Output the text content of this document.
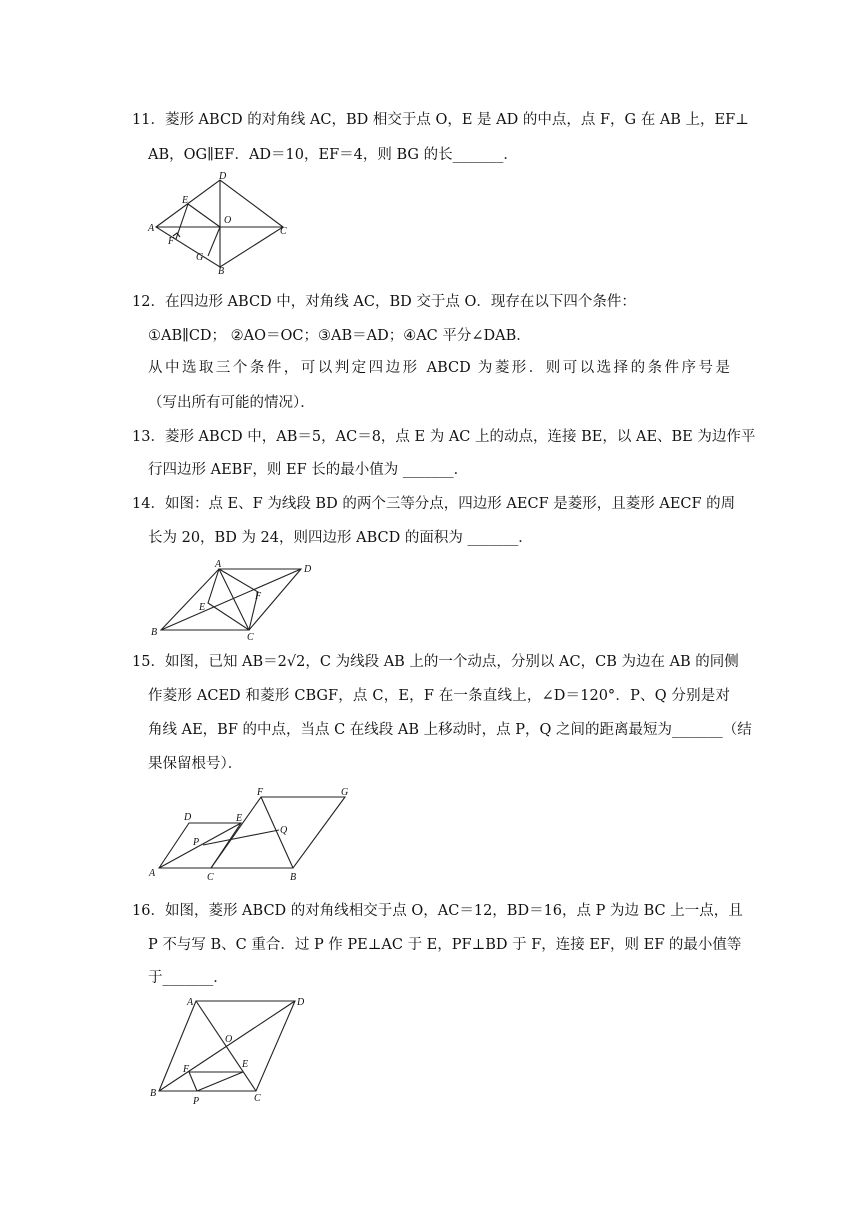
11．菱形 ABCD 的对角线 AC，BD 相交于点 O，E 是 AD 的中点，点 F，G 在 AB 上，EF⊥
AB，OG∥EF．AD＝10，EF＝4，则 BG 的长_______．
D
E
A
O
C
F
G
B
12．在四边形 ABCD 中，对角线 AC，BD 交于点 O．现存在以下四个条件：
①AB∥CD； ②AO＝OC；③AB＝AD；④AC 平分∠DAB．
从中选取三个条件，可以判定四边形 ABCD 为菱形．则可以选择的条件序号是
（写出所有可能的情况）．
13．菱形 ABCD 中，AB＝5，AC＝8，点 E 为 AC 上的动点，连接 BE，以 AE、BE 为边作平
行四边形 AEBF，则 EF 长的最小值为 _______．
14．如图：点 E、F 为线段 BD 的两个三等分点，四边形 AECF 是菱形，且菱形 AECF 的周
长为 20，BD 为 24，则四边形 ABCD 的面积为 _______．
A	D
E
F
B	C
15．如图，已知 AB＝2√2，C 为线段 AB 上的一个动点，分别以 AC，CB 为边在 AB 的同侧
作菱形 ACED 和菱形 CBGF，点 C，E，F 在一条直线上，∠D＝120°．P、Q 分别是对
角线 AE，BF 的中点，当点 C 在线段 AB 上移动时，点 P，Q 之间的距离最短为_______（结
果保留根号）．
F	G
D	E
Q
P
A	C	B
16．如图，菱形 ABCD 的对角线相交于点 O，AC＝12，BD＝16，点 P 为边 BC 上一点，且
P 不与写 B、C 重合．过 P 作 PE⊥AC 于 E，PF⊥BD 于 F，连接 EF，则 EF 的最小值等
于_______．
A	D
O
E
F
B
P	C
